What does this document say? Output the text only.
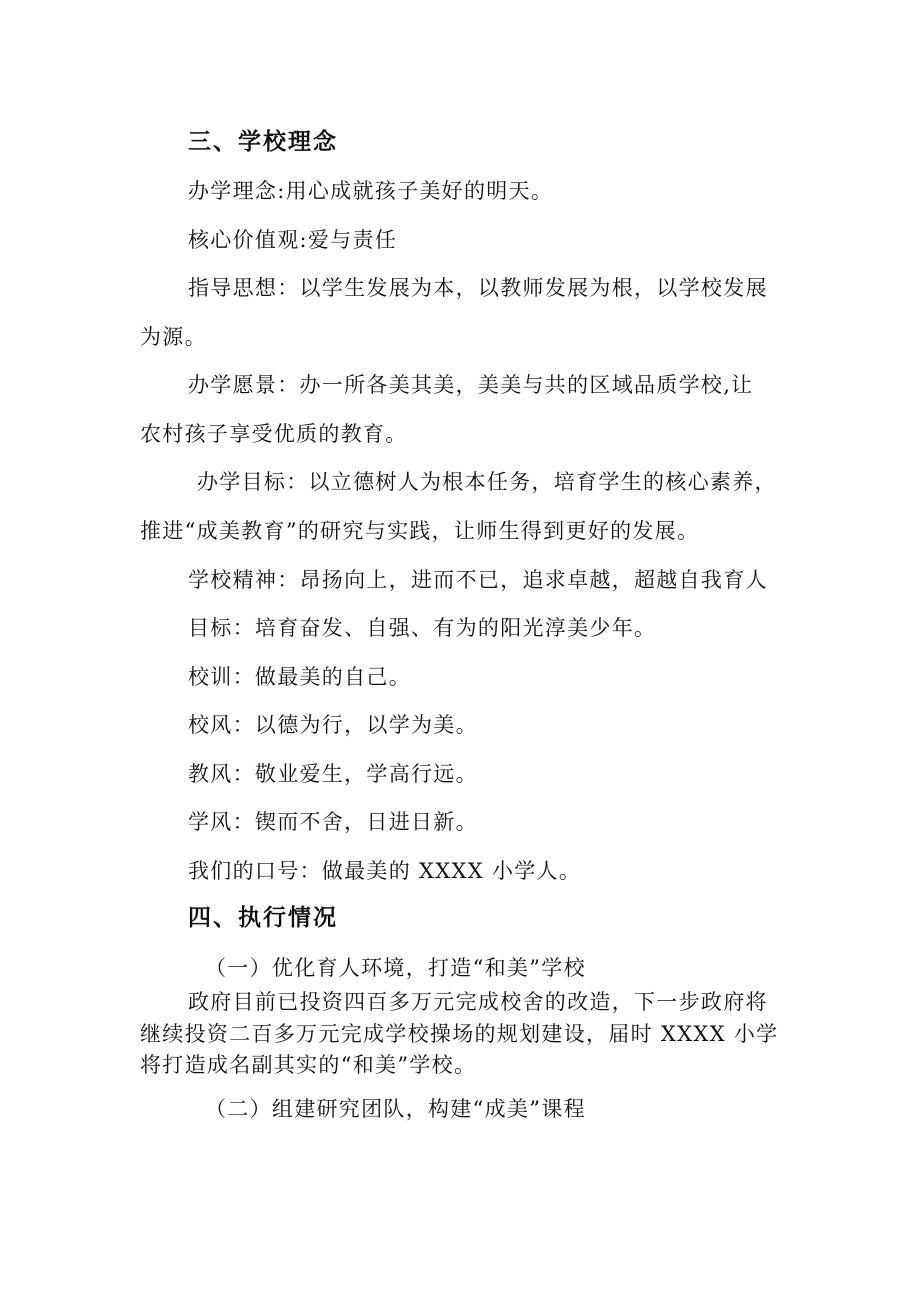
三、学校理念
办学理念:用心成就孩子美好的明天。
核心价值观:爱与责任
指导思想：以学生发展为本，以教师发展为根，以学校发展
为源。
办学愿景：办一所各美其美，美美与共的区域品质学校,让
农村孩子享受优质的教育。
办学目标：以立德树人为根本任务，培育学生的核心素养，
推进“成美教育”的研究与实践，让师生得到更好的发展。
学校精神：昂扬向上，进而不已，追求卓越，超越自我育人
目标：培育奋发、自强、有为的阳光淳美少年。
校训：做最美的自己。
校风：以德为行，以学为美。
教风：敬业爱生，学高行远。
学风：锲而不舍，日进日新。
我们的口号：做最美的 XXXX 小学人。
四、执行情况
（一）优化育人环境，打造“和美”学校
政府目前已投资四百多万元完成校舍的改造，下一步政府将
继续投资二百多万元完成学校操场的规划建设，届时 XXXX 小学
将打造成名副其实的“和美”学校。
（二）组建研究团队，构建“成美”课程
